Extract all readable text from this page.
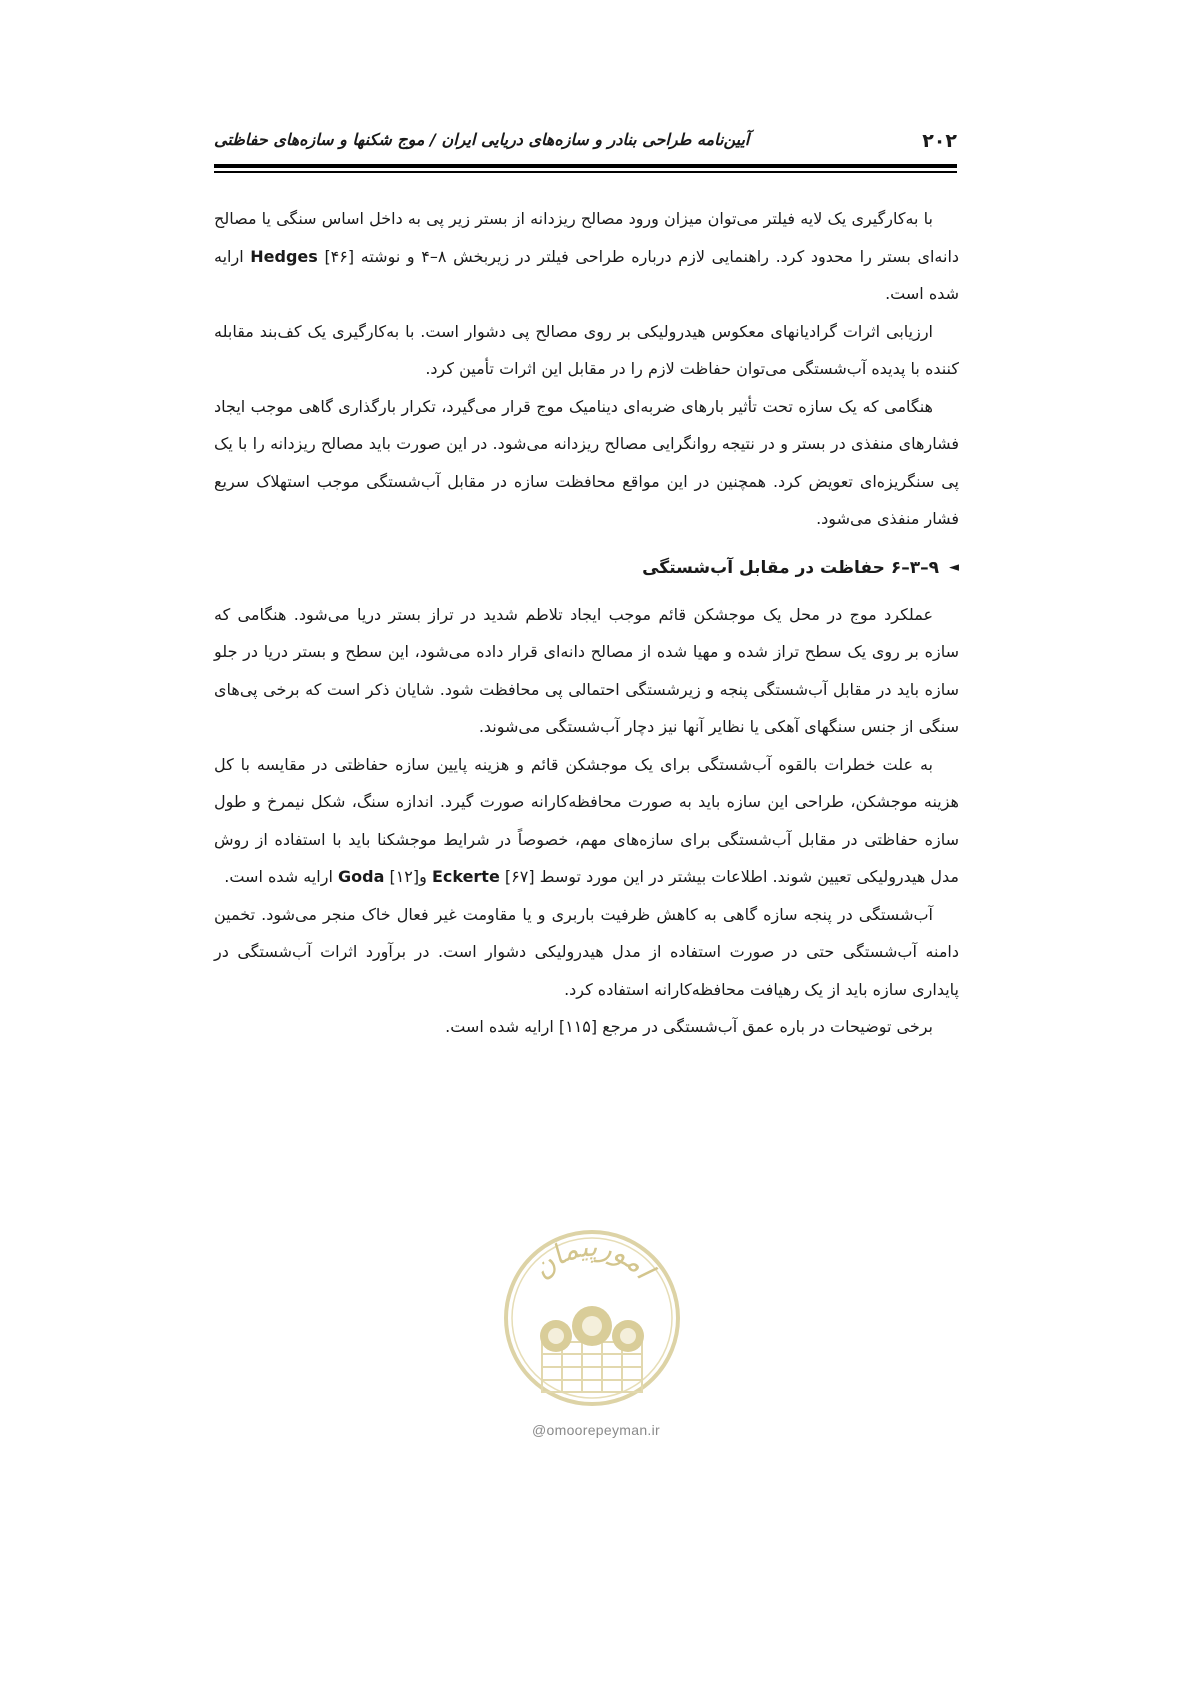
۲۰۲
آیین‌نامه طراحی بنادر و سازه‌های دریایی ایران / موج شکنها و سازه‌های حفاظتی

با به‌کارگیری یک لایه فیلتر می‌توان میزان ورود مصالح ریزدانه از بستر زیر پی به داخل اساس سنگی یا مصالح دانه‌ای بستر را محدود کرد. راهنمایی لازم درباره طراحی فیلتر در زیربخش ۸–۴ و نوشته Hedges [۴۶] ارایه شده است.

ارزیابی اثرات گرادیانهای معکوس هیدرولیکی بر روی مصالح پی دشوار است. با به‌کارگیری یک کف‌بند مقابله کننده با پدیده آب‌شستگی می‌توان حفاظت لازم را در مقابل این اثرات تأمین کرد.

هنگامی که یک سازه تحت تأثیر بارهای ضربه‌ای دینامیک موج قرار می‌گیرد، تکرار بارگذاری گاهی موجب ایجاد فشارهای منفذی در بستر و در نتیجه روانگرایی مصالح ریزدانه می‌شود. در این صورت باید مصالح ریزدانه را با یک پی سنگریزه‌ای تعویض کرد. همچنین در این مواقع محافظت سازه در مقابل آب‌شستگی موجب استهلاک سریع فشار منفذی می‌شود.

◄
۹–۳–۶ حفاظت در مقابل آب‌شستگی

عملکرد موج در محل یک موجشکن قائم موجب ایجاد تلاطم شدید در تراز بستر دریا می‌شود. هنگامی که سازه بر روی یک سطح تراز شده و مهیا شده از مصالح دانه‌ای قرار داده می‌شود، این سطح و بستر دریا در جلو سازه باید در مقابل آب‌شستگی پنجه و زیرشستگی احتمالی پی محافظت شود. شایان ذکر است که برخی پی‌های سنگی از جنس سنگهای آهکی یا نظایر آنها نیز دچار آب‌شستگی می‌شوند.

به علت خطرات بالقوه آب‌شستگی برای یک موجشکن قائم و هزینه پایین سازه حفاظتی در مقایسه با کل هزینه موجشکن، طراحی این سازه باید به صورت محافظه‌کارانه صورت گیرد. اندازه سنگ، شکل نیمرخ و طول سازه حفاظتی در مقابل آب‌شستگی برای سازه‌های مهم، خصوصاً در شرایط موجشکنا باید با استفاده از روش مدل هیدرولیکی تعیین شوند. اطلاعات بیشتر در این مورد توسط Eckerte [۶۷] وGoda [۱۲] ارایه شده است.

آب‌شستگی در پنجه سازه گاهی به کاهش ظرفیت باربری و یا مقاومت غیر فعال خاک منجر می‌شود. تخمین دامنه آب‌شستگی حتی در صورت استفاده از مدل هیدرولیکی دشوار است. در برآورد اثرات آب‌شستگی در پایداری سازه باید از یک رهیافت محافظه‌کارانه استفاده کرد.

برخی توضیحات در باره عمق آب‌شستگی در مرجع [۱۱۵] ارایه شده است.

امورپیمان
@omoorepeyman.ir
